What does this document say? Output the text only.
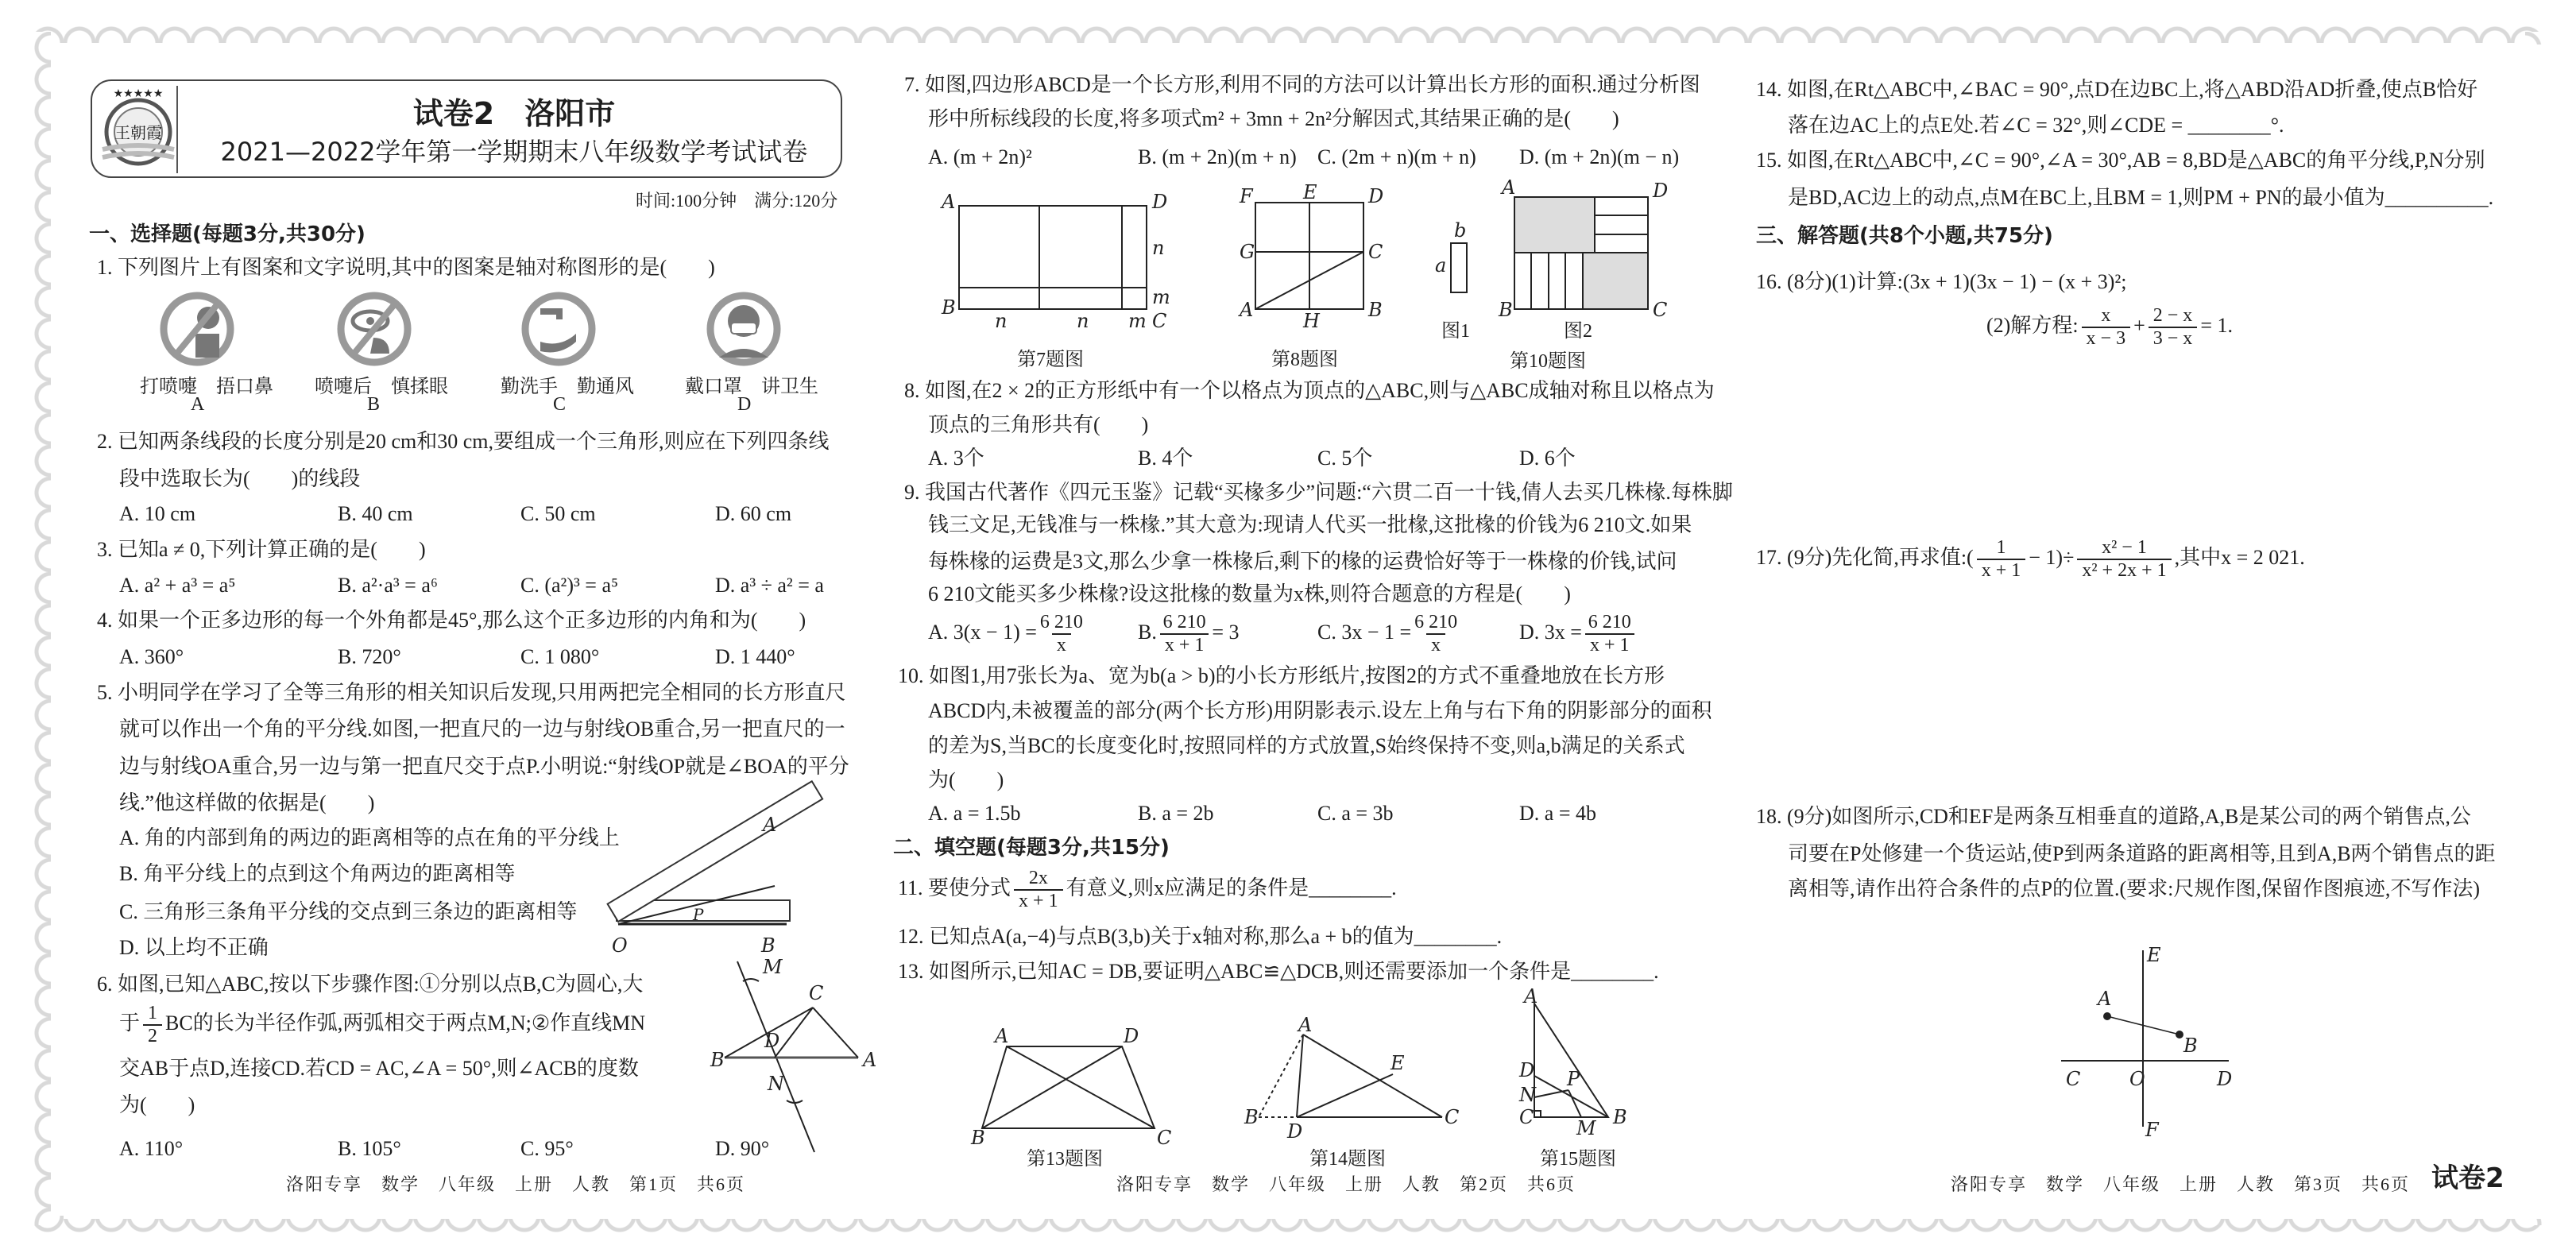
★★★★★
王朝霞
试卷2　洛阳市
2021—2022学年第一学期期末八年级数学考试试卷
时间:100分钟　满分:120分
一、选择题(每题3分,共30分)
1. 下列图片上有图案和文字说明,其中的图案是轴对称图形的是(　　)
A
O	B
P
M
C
B
D
A
N
A	D
B
C
n
m
n	n m
F	E	D
G	C
A	H	B
b
a
A	D
B	C
A	D
B	C
A
E
B
D
C
A
D P
N
C M B
E
A
B
C	O	D
F
打喷嚏　捂口鼻 喷嚏后　慎揉眼	勤洗手　勤通风	戴口罩　讲卫生
A	B	C	D
2. 已知两条线段的长度分别是20 cm和30 cm,要组成一个三角形,则应在下列四条线
段中选取长为(　　)的线段
A. 10 cm	B. 40 cm	C. 50 cm	D. 60 cm
3. 已知a ≠ 0,下列计算正确的是(　　)
A. a² + a³ = a⁵	B. a²·a³ = a⁶	C. (a²)³ = a⁵	D. a³ ÷ a² = a
4. 如果一个正多边形的每一个外角都是45°,那么这个正多边形的内角和为(　　)
A. 360°	B. 720°	C. 1 080°	D. 1 440°
5. 小明同学在学习了全等三角形的相关知识后发现,只用两把完全相同的长方形直尺
就可以作出一个角的平分线.如图,一把直尺的一边与射线OB重合,另一把直尺的一
边与射线OA重合,另一边与第一把直尺交于点P.小明说:“射线OP就是∠BOA的平分
线.”他这样做的依据是(　　)
A. 角的内部到角的两边的距离相等的点在角的平分线上
B. 角平分线上的点到这个角两边的距离相等
C. 三角形三条角平分线的交点到三条边的距离相等
D. 以上均不正确
6. 如图,已知△ABC,按以下步骤作图:①分别以点B,C为圆心,大
于 $\frac{1}{2}$ BC的长为半径作弧,两弧相交于两点M,N;②作直线MN
交AB于点D,连接CD.若CD = AC,∠A = 50°,则∠ACB的度数
为(　　)
A. 110°	B. 105°	C. 95°	D. 90°
洛阳专享　数学　八年级　上册　人教　第1页　共6页
7. 如图,四边形ABCD是一个长方形,利用不同的方法可以计算出长方形的面积.通过分析图
形中所标线段的长度,将多项式m² + 3mn + 2n²分解因式,其结果正确的是(　　)
A. (m + 2n)²	B. (m + 2n)(m + n) C. (2m + n)(m + n) D. (m + 2n)(m − n)
第7题图	第8题图
图1	图2
第10题图
8. 如图,在2 × 2的正方形纸中有一个以格点为顶点的△ABC,则与△ABC成轴对称且以格点为
顶点的三角形共有(　　)
A. 3个	B. 4个	C. 5个	D. 6个
9. 我国古代著作《四元玉鉴》记载“买椽多少”问题:“六贯二百一十钱,倩人去买几株椽.每株脚
钱三文足,无钱准与一株椽.”其大意为:现请人代买一批椽,这批椽的价钱为6 210文.如果
每株椽的运费是3文,那么少拿一株椽后,剩下的椽的运费恰好等于一株椽的价钱,试问
6 210文能买多少株椽?设这批椽的数量为x株,则符合题意的方程是(　　)
A. $3(x - 1) = \frac{6 210}{x}$	B. $\frac{6 210}{x + 1} = 3$	C. $3x - 1 = \frac{6 210}{x}$	D. $3x = \frac{6 210}{x + 1}$
10. 如图1,用7张长为a、宽为b(a > b)的小长方形纸片,按图2的方式不重叠地放在长方形
ABCD内,未被覆盖的部分(两个长方形)用阴影表示.设左上角与右下角的阴影部分的面积
的差为S,当BC的长度变化时,按照同样的方式放置,S始终保持不变,则a,b满足的关系式
为(　　)
A. a = 1.5b	B. a = 2b	C. a = 3b	D. a = 4b
二、填空题(每题3分,共15分)
11. 要使分式 $\frac{2x}{x + 1}$ 有意义,则x应满足的条件是________.
12. 已知点A(a,−4)与点B(3,b)关于x轴对称,那么a + b的值为________.
13. 如图所示,已知AC = DB,要证明△ABC≌△DCB,则还需要添加一个条件是________.
第13题图	第14题图	第15题图
洛阳专享　数学　八年级　上册　人教　第2页　共6页
14. 如图,在Rt△ABC中,∠BAC = 90°,点D在边BC上,将△ABD沿AD折叠,使点B恰好
落在边AC上的点E处.若∠C = 32°,则∠CDE = ________°.
15. 如图,在Rt△ABC中,∠C = 90°,∠A = 30°,AB = 8,BD是△ABC的角平分线,P,N分别
是BD,AC边上的动点,点M在BC上,且BM = 1,则PM + PN的最小值为__________.
三、解答题(共8个小题,共75分)
16. (8分)(1)计算:(3x + 1)(3x − 1) − (x + 3)²;
(2)解方程: $\frac{x}{x - 3} + \frac{2 - x}{3 - x} = 1$.
17. (9分)先化简,再求值:( $\frac{1}{x + 1} - 1)\div \frac{\text{x² − 1}}{\text{x² + 2x + 1}}$ ,其中x = 2 021.
18. (9分)如图所示,CD和EF是两条互相垂直的道路,A,B是某公司的两个销售点,公
司要在P处修建一个货运站,使P到两条道路的距离相等,且到A,B两个销售点的距
离相等,请作出符合条件的点P的位置.(要求:尺规作图,保留作图痕迹,不写作法)
洛阳专享　数学　八年级　上册　人教　第3页　共6页 试卷2
